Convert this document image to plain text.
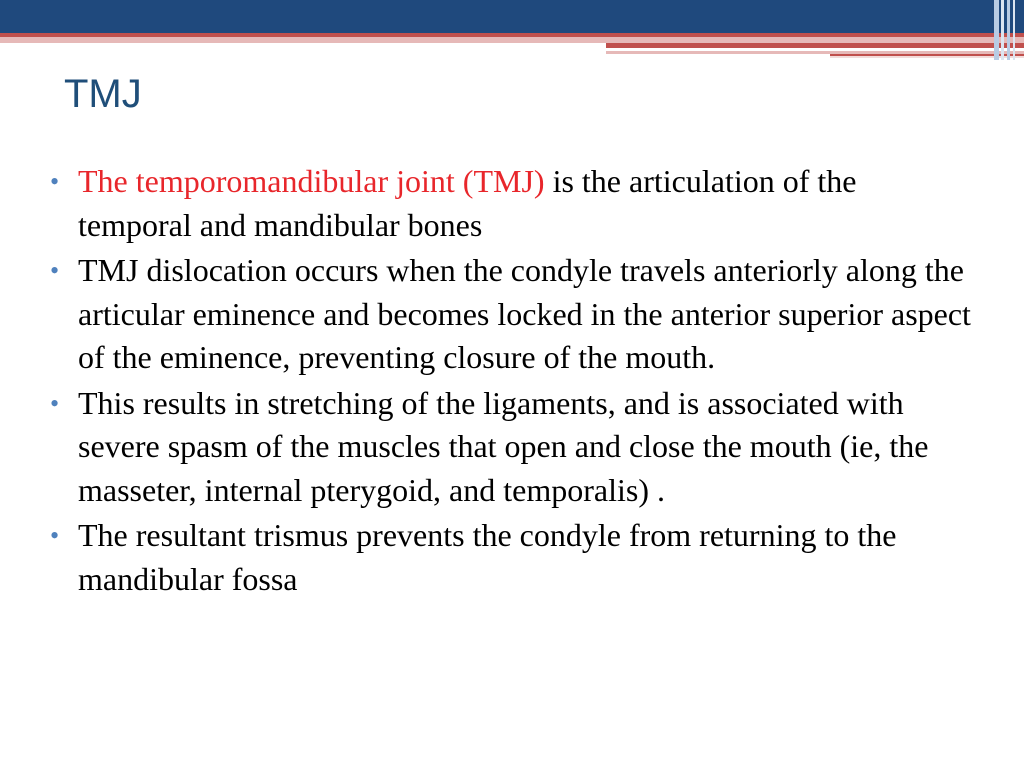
TMJ
• The temporomandibular joint (TMJ) is the articulation of the temporal and mandibular bones
• TMJ dislocation occurs when the condyle travels anteriorly along the articular eminence and becomes locked in the anterior superior aspect of the eminence, preventing closure of the mouth.
• This results in stretching of the ligaments, and is associated with severe spasm of the muscles that open and close the mouth (ie, the masseter, internal pterygoid, and temporalis) .
• The resultant trismus prevents the condyle from returning to the mandibular fossa
